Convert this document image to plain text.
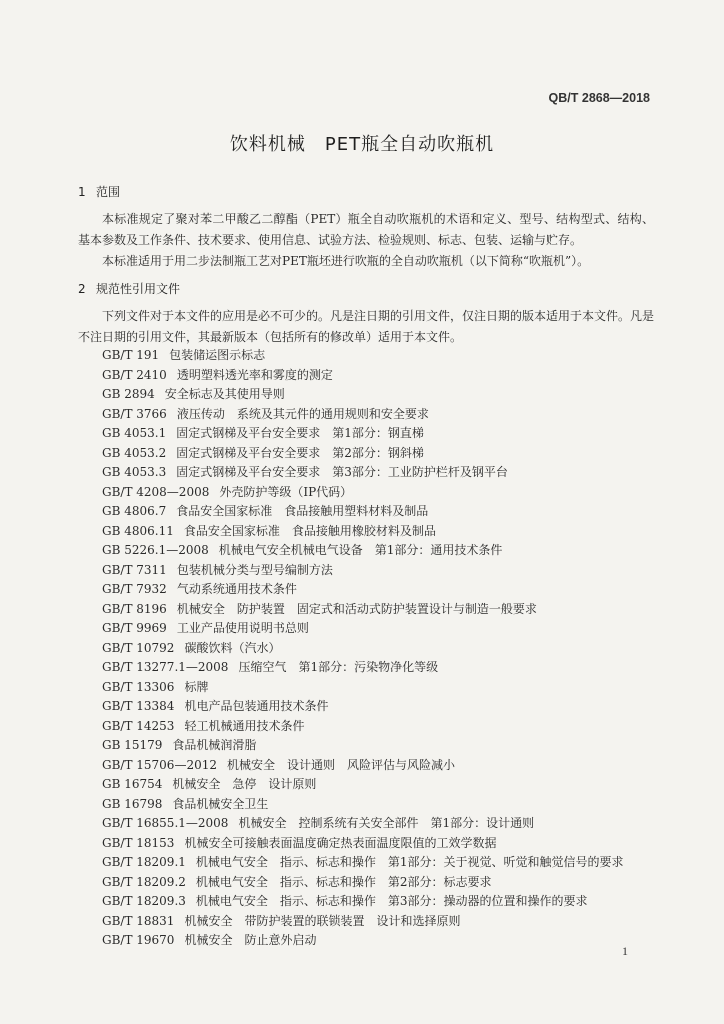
QB/T 2868—2018
饮料机械　PET瓶全自动吹瓶机
1 范围
本标准规定了聚对苯二甲酸乙二醇酯（PET）瓶全自动吹瓶机的术语和定义、型号、结构型式、结构、基本参数及工作条件、技术要求、使用信息、试验方法、检验规则、标志、包装、运输与贮存。
本标准适用于用二步法制瓶工艺对PET瓶坯进行吹瓶的全自动吹瓶机（以下简称“吹瓶机”）。
2 规范性引用文件
下列文件对于本文件的应用是必不可少的。凡是注日期的引用文件，仅注日期的版本适用于本文件。凡是不注日期的引用文件，其最新版本（包括所有的修改单）适用于本文件。
GB/T 191 包装储运图示标志
GB/T 2410 透明塑料透光率和雾度的测定
GB 2894 安全标志及其使用导则
GB/T 3766 液压传动　系统及其元件的通用规则和安全要求
GB 4053.1 固定式钢梯及平台安全要求　第1部分：钢直梯
GB 4053.2 固定式钢梯及平台安全要求　第2部分：钢斜梯
GB 4053.3 固定式钢梯及平台安全要求　第3部分：工业防护栏杆及钢平台
GB/T 4208—2008 外壳防护等级（IP代码）
GB 4806.7 食品安全国家标准　食品接触用塑料材料及制品
GB 4806.11 食品安全国家标准　食品接触用橡胶材料及制品
GB 5226.1—2008 机械电气安全机械电气设备　第1部分：通用技术条件
GB/T 7311 包装机械分类与型号编制方法
GB/T 7932 气动系统通用技术条件
GB/T 8196 机械安全　防护装置　固定式和活动式防护装置设计与制造一般要求
GB/T 9969 工业产品使用说明书总则
GB/T 10792 碳酸饮料（汽水）
GB/T 13277.1—2008 压缩空气　第1部分：污染物净化等级
GB/T 13306 标牌
GB/T 13384 机电产品包装通用技术条件
GB/T 14253 轻工机械通用技术条件
GB 15179 食品机械润滑脂
GB/T 15706—2012 机械安全　设计通则　风险评估与风险减小
GB 16754 机械安全　急停　设计原则
GB 16798 食品机械安全卫生
GB/T 16855.1—2008 机械安全　控制系统有关安全部件　第1部分：设计通则
GB/T 18153 机械安全可接触表面温度确定热表面温度限值的工效学数据
GB/T 18209.1 机械电气安全　指示、标志和操作　第1部分：关于视觉、听觉和触觉信号的要求
GB/T 18209.2 机械电气安全　指示、标志和操作　第2部分：标志要求
GB/T 18209.3 机械电气安全　指示、标志和操作　第3部分：操动器的位置和操作的要求
GB/T 18831 机械安全　带防护装置的联锁装置　设计和选择原则
GB/T 19670 机械安全　防止意外启动
1
